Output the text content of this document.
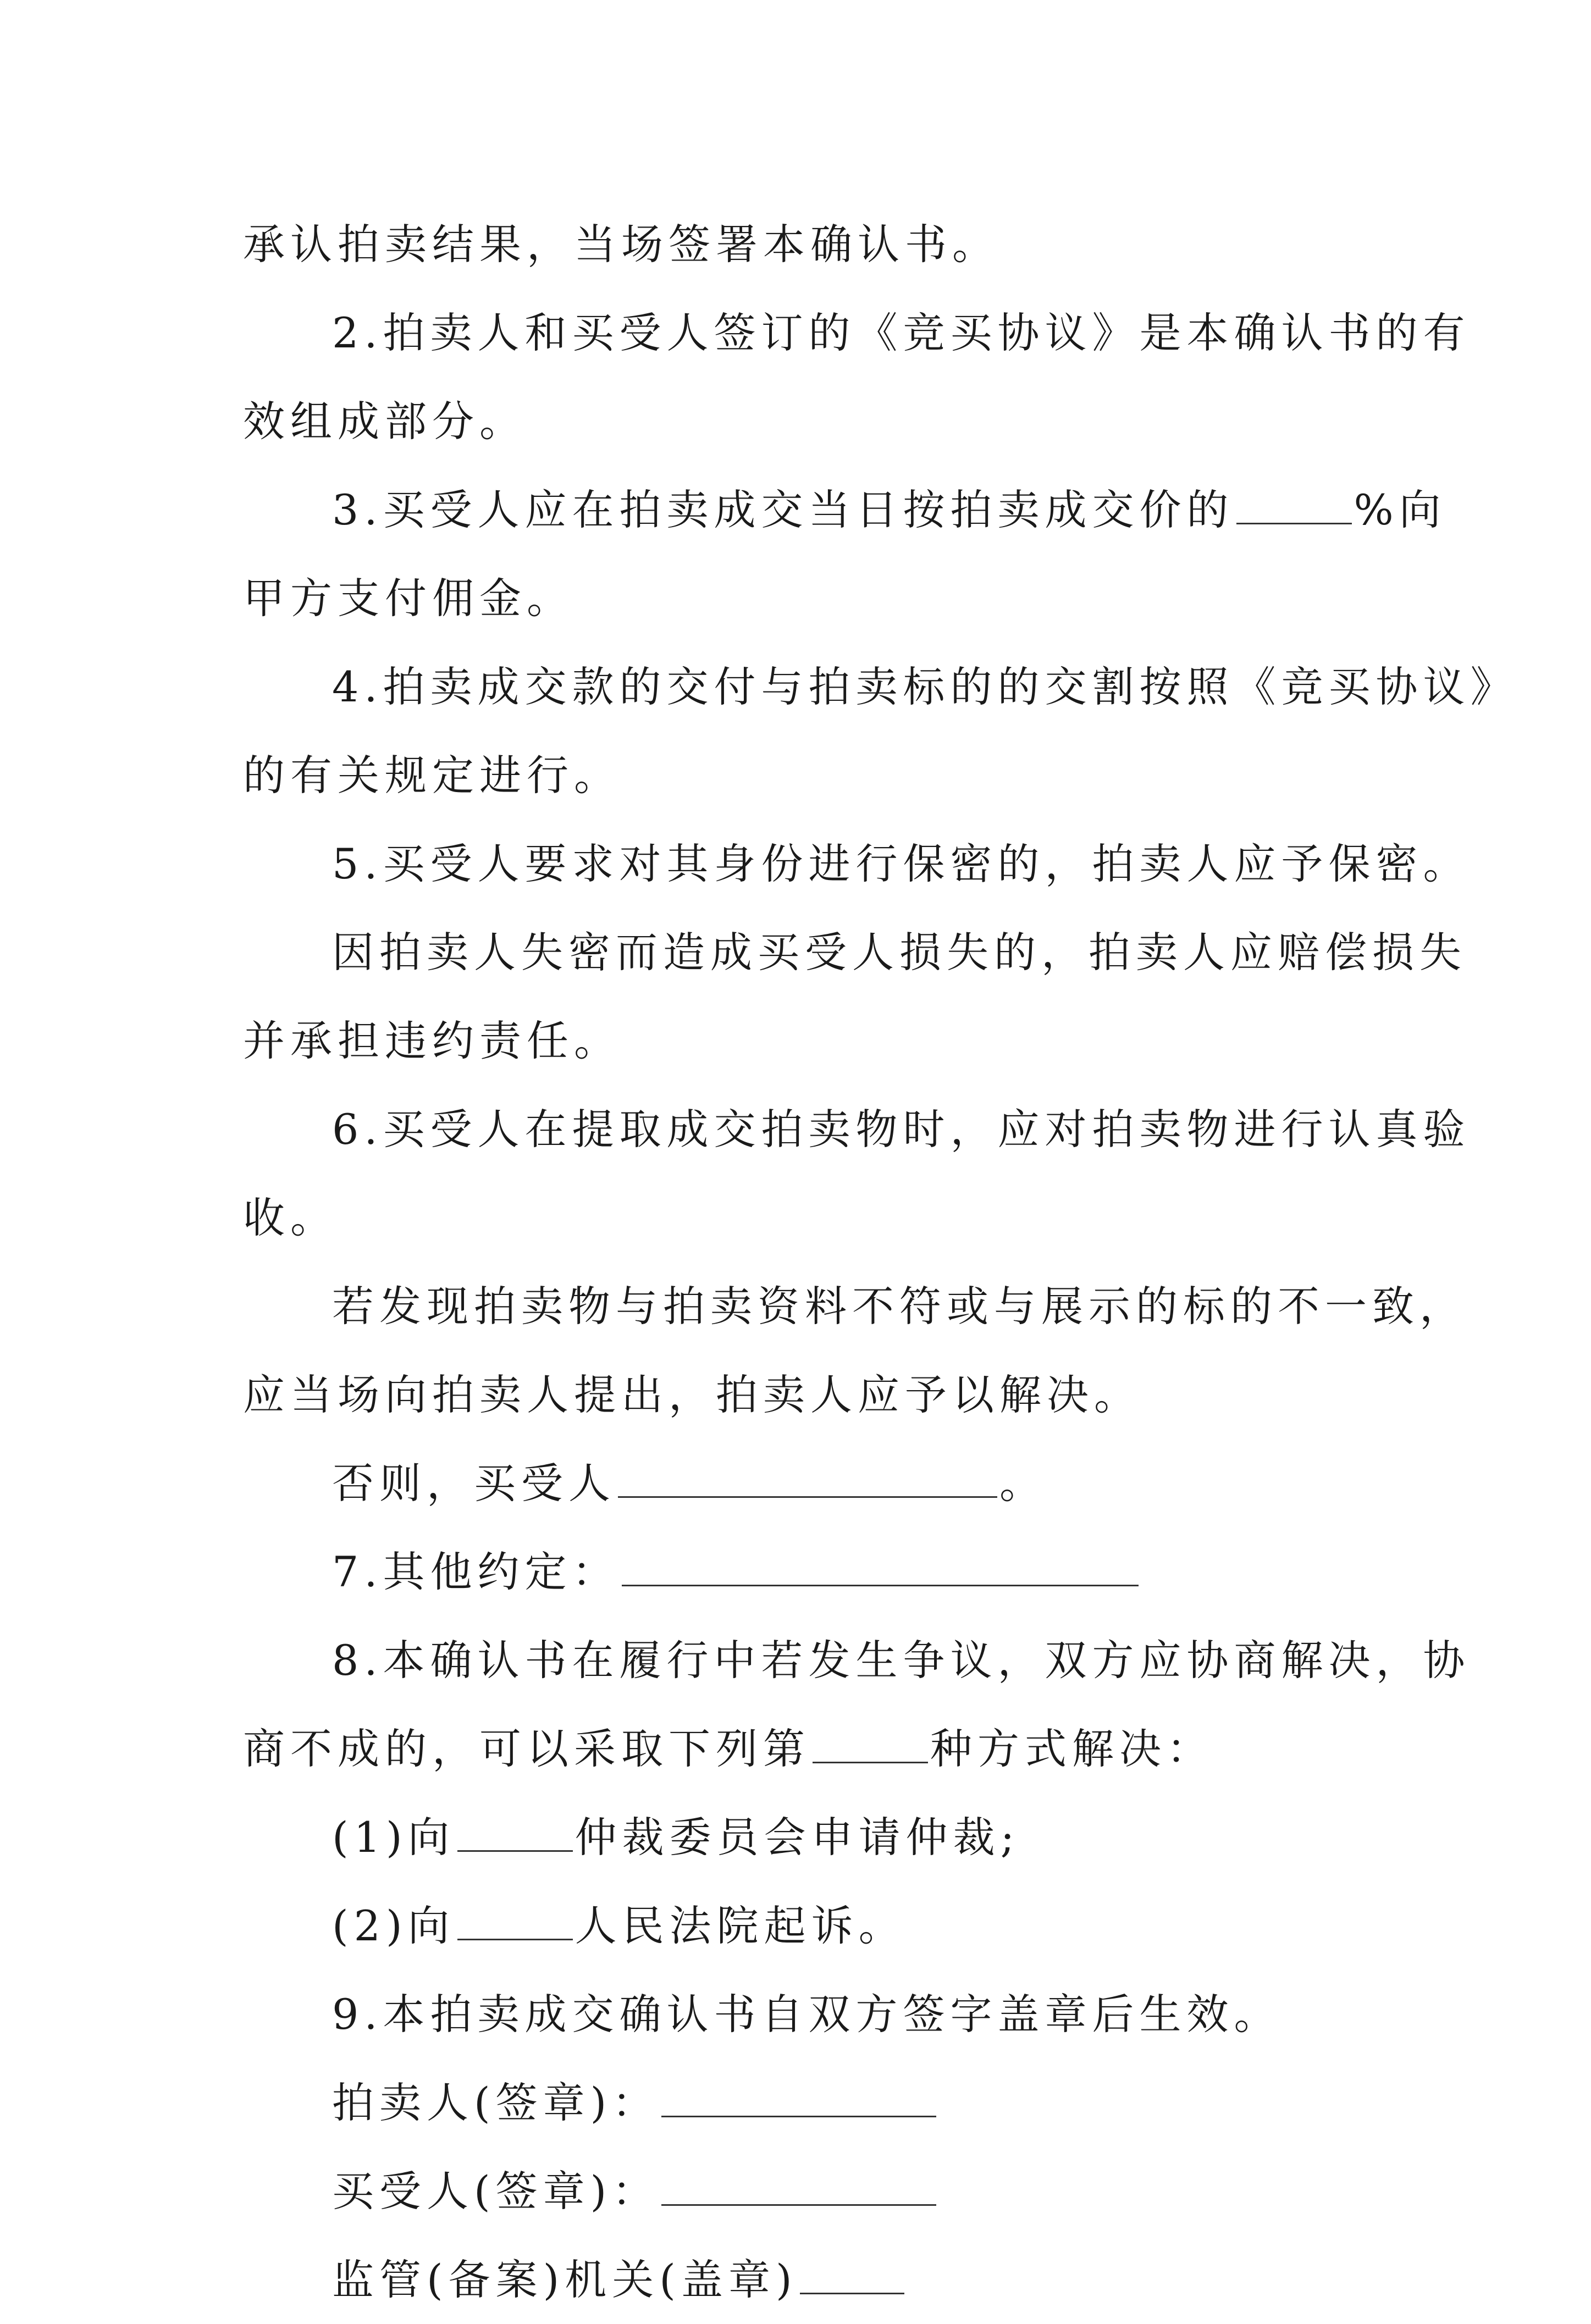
承认拍卖结果，当场签署本确认书。
2.拍卖人和买受人签订的《竞买协议》是本确认书的有
效组成部分。
3.买受人应在拍卖成交当日按拍卖成交价的	%向
甲方支付佣金。
4.拍卖成交款的交付与拍卖标的的交割按照《竞买协议》
的有关规定进行。
5.买受人要求对其身份进行保密的，拍卖人应予保密。
因拍卖人失密而造成买受人损失的，拍卖人应赔偿损失
并承担违约责任。
6.买受人在提取成交拍卖物时，应对拍卖物进行认真验
收。
若发现拍卖物与拍卖资料不符或与展示的标的不一致，
应当场向拍卖人提出，拍卖人应予以解决。
否则，买受人	。
7.其他约定：
8.本确认书在履行中若发生争议，双方应协商解决，协
商不成的，可以采取下列第	种方式解决：
(1)向	仲裁委员会申请仲裁;
(2)向	人民法院起诉。
9.本拍卖成交确认书自双方签字盖章后生效。
拍卖人(签章)：
买受人(签章)：
监管(备案)机关(盖章)
